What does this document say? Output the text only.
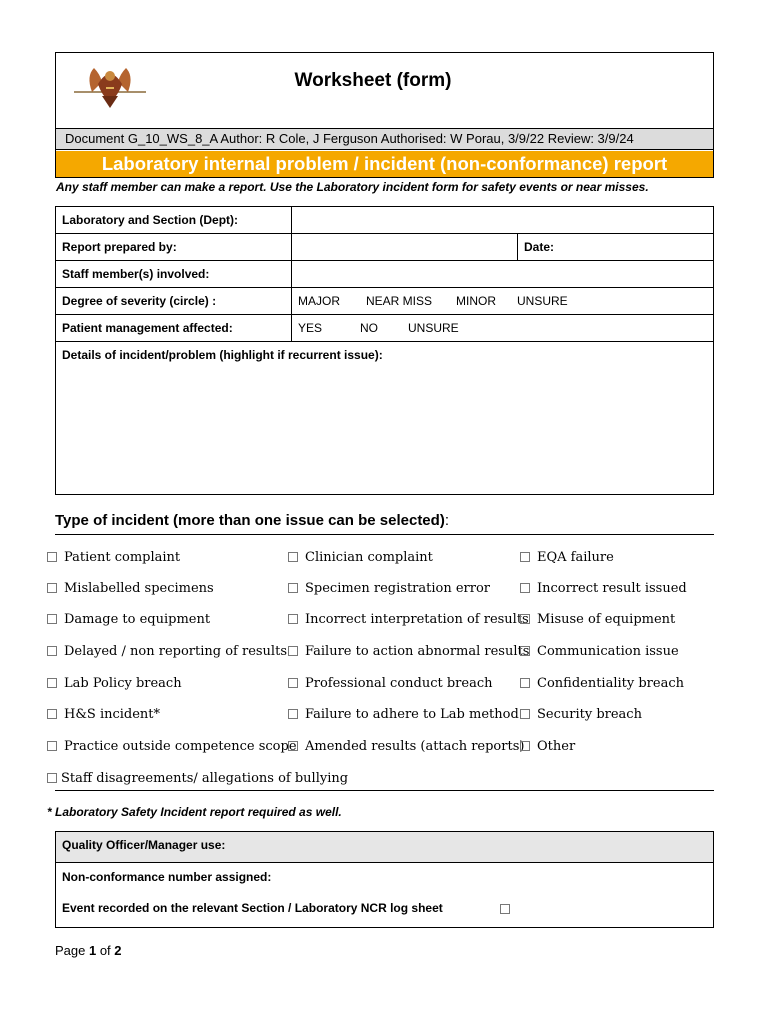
Worksheet (form)
Document G_10_WS_8_A Author: R Cole, J Ferguson Authorised: W Porau, 3/9/22 Review: 3/9/24
Laboratory internal problem / incident (non-conformance) report
Any staff member can make a report. Use the Laboratory incident form for safety events or near misses.
Laboratory and Section (Dept):		
Report prepared by:		Date:
Staff member(s) involved:		
Degree of severity (circle) :	MAJOR NEAR MISS MINOR UNSURE	
Patient management affected:	YES NO UNSURE	
Details of incident/problem (highlight if recurrent issue):		
Type of incident (more than one issue can be selected):
Patient complaint
Mislabelled specimens
Damage to equipment
Delayed / non reporting of results
Lab Policy breach
H&S incident*
Practice outside competence scope
Clinician complaint
Specimen registration error
Incorrect interpretation of results
Failure to action abnormal results
Professional conduct breach
Failure to adhere to Lab method
Amended results (attach reports)
EQA failure
Incorrect result issued
Misuse of equipment
Communication issue
Confidentiality breach
Security breach
Other
Staff disagreements/ allegations of bullying
* Laboratory Safety Incident report required as well.
Quality Officer/Manager use:
Non-conformance number assigned:
Event recorded on the relevant Section / Laboratory NCR log sheet
Page 1 of 2
